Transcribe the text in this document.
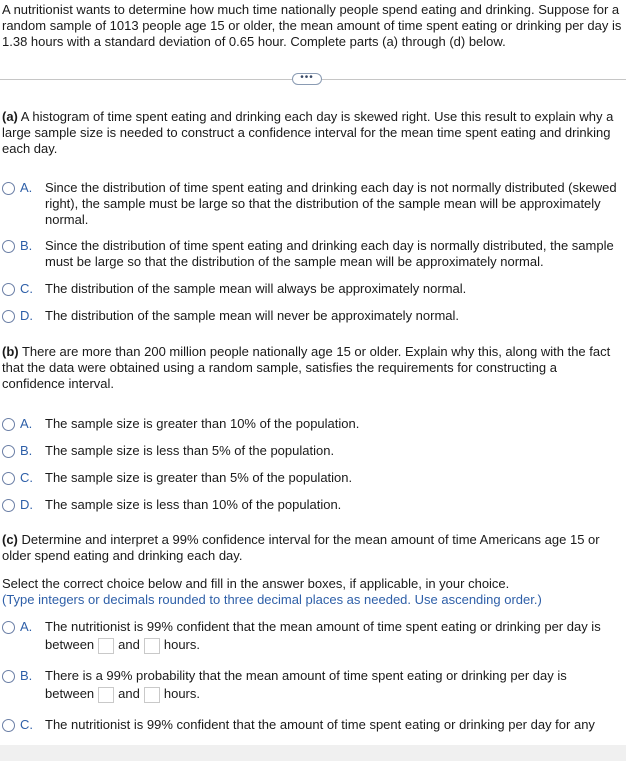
A nutritionist wants to determine how much time nationally people spend eating and drinking. Suppose for a random sample of 1013 people age 15 or older, the mean amount of time spent eating or drinking per day is 1.38 hours with a standard deviation of 0.65 hour. Complete parts (a) through (d) below.

•••

(a) A histogram of time spent eating and drinking each day is skewed right. Use this result to explain why a large sample size is needed to construct a confidence interval for the mean time spent eating and drinking each day.

A. Since the distribution of time spent eating and drinking each day is not normally distributed (skewed right), the sample must be large so that the distribution of the sample mean will be approximately normal.
B. Since the distribution of time spent eating and drinking each day is normally distributed, the sample must be large so that the distribution of the sample mean will be approximately normal.
C. The distribution of the sample mean will always be approximately normal.
D. The distribution of the sample mean will never be approximately normal.

(b) There are more than 200 million people nationally age 15 or older. Explain why this, along with the fact that the data were obtained using a random sample, satisfies the requirements for constructing a confidence interval.

A. The sample size is greater than 10% of the population.
B. The sample size is less than 5% of the population.
C. The sample size is greater than 5% of the population.
D. The sample size is less than 10% of the population.

(c) Determine and interpret a 99% confidence interval for the mean amount of time Americans age 15 or older spend eating and drinking each day.

Select the correct choice below and fill in the answer boxes, if applicable, in your choice.

(Type integers or decimals rounded to three decimal places as needed. Use ascending order.)

A. The nutritionist is 99% confident that the mean amount of time spent eating or drinking per day is
between and hours.
B. There is a 99% probability that the mean amount of time spent eating or drinking per day is
between and hours.
C. The nutritionist is 99% confident that the amount of time spent eating or drinking per day for any
